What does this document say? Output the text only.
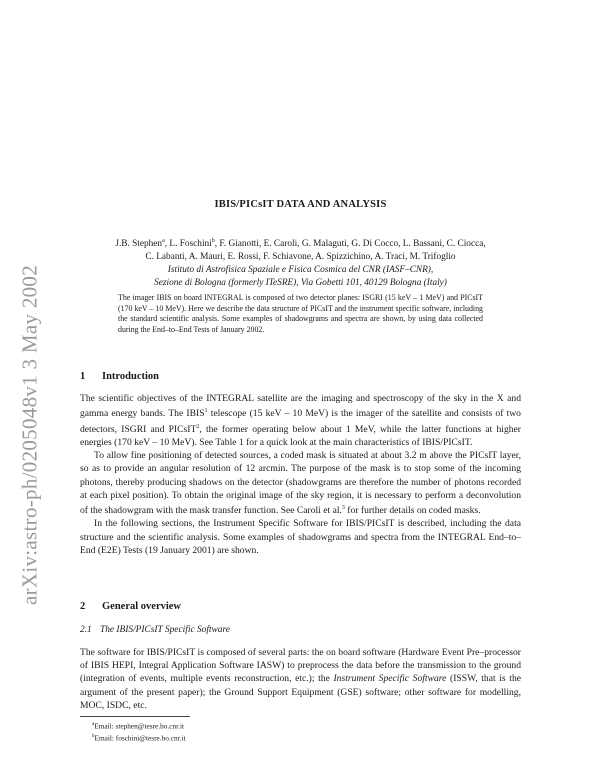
arXiv:astro-ph/0205048v1 3 May 2002
IBIS/PICsIT DATA AND ANALYSIS
J.B. Stephen$^a$, L. Foschini$^b$, F. Gianotti, E. Caroli, G. Malaguti, G. Di Cocco, L. Bassani, C. Ciocca,
C. Labanti, A. Mauri, E. Rossi, F. Schiavone, A. Spizzichino, A. Traci, M. Trifoglio
Istituto di Astrofisica Spaziale e Fisica Cosmica del CNR (IASF–CNR),
Sezione di Bologna (formerly ITeSRE), Via Gobetti 101, 40129 Bologna (Italy)
The imager IBIS on board INTEGRAL is composed of two detector planes: ISGRI (15 keV – 1 MeV) and PICsIT (170 keV – 10 MeV). Here we describe the data structure of PICsIT and the instrument specific software, including the standard scientific analysis. Some examples of shadowgrams and spectra are shown, by using data collected during the End–to–End Tests of January 2002.
1 Introduction

The scientific objectives of the INTEGRAL satellite are the imaging and spectroscopy of the sky in the X and gamma energy bands. The IBIS$^1$ telescope (15 keV – 10 MeV) is the imager of the satellite and consists of two detectors, ISGRI and PICsIT$^2$, the former operating below about 1 MeV, while the latter functions at higher energies (170 keV – 10 MeV). See Table 1 for a quick look at the main characteristics of IBIS/PICsIT.

To allow fine positioning of detected sources, a coded mask is situated at about 3.2 m above the PICsIT layer, so as to provide an angular resolution of 12 arcmin. The purpose of the mask is to stop some of the incoming photons, thereby producing shadows on the detector (shadowgrams are therefore the number of photons recorded at each pixel position). To obtain the original image of the sky region, it is necessary to perform a deconvolution of the shadowgram with the mask transfer function. See Caroli et al.$^3$ for further details on coded masks.

In the following sections, the Instrument Specific Software for IBIS/PICsIT is described, including the data structure and the scientific analysis. Some examples of shadowgrams and spectra from the INTEGRAL End–to–End (E2E) Tests (19 January 2001) are shown.

2 General overview
2.1 The IBIS/PICsIT Specific Software

The software for IBIS/PICsIT is composed of several parts: the on board software (Hardware Event Pre–processor of IBIS HEPI, Integral Application Software IASW) to preprocess the data before the transmission to the ground (integration of events, multiple events reconstruction, etc.); the Instrument Specific Software (ISSW, that is the argument of the present paper); the Ground Support Equipment (GSE) software; other software for modelling, MOC, ISDC, etc.

$^a$Email: stephen@tesre.bo.cnr.it
$^b$Email: foschini@tesre.bo.cnr.it
